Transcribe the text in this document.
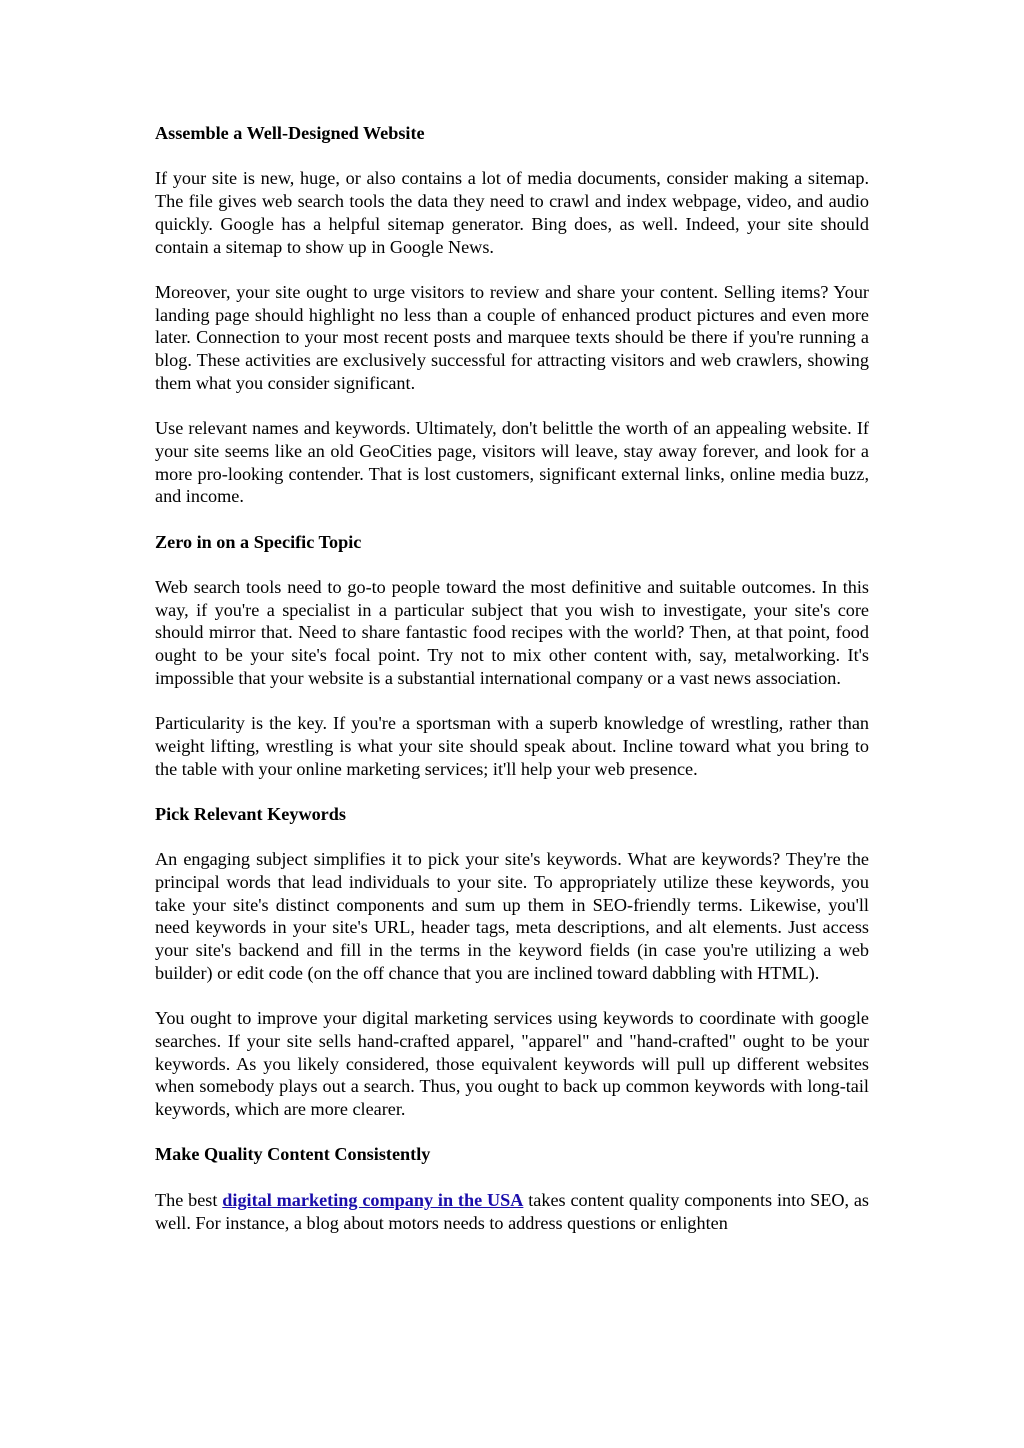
Assemble a Well-Designed Website

If your site is new, huge, or also contains a lot of media documents, consider making a sitemap. The file gives web search tools the data they need to crawl and index webpage, video, and audio quickly. Google has a helpful sitemap generator. Bing does, as well. Indeed, your site should contain a sitemap to show up in Google News.

Moreover, your site ought to urge visitors to review and share your content. Selling items? Your landing page should highlight no less than a couple of enhanced product pictures and even more later. Connection to your most recent posts and marquee texts should be there if you're running a blog. These activities are exclusively successful for attracting visitors and web crawlers, showing them what you consider significant.

Use relevant names and keywords. Ultimately, don't belittle the worth of an appealing website. If your site seems like an old GeoCities page, visitors will leave, stay away forever, and look for a more pro-looking contender. That is lost customers, significant external links, online media buzz, and income.

Zero in on a Specific Topic

Web search tools need to go-to people toward the most definitive and suitable outcomes. In this way, if you're a specialist in a particular subject that you wish to investigate, your site's core should mirror that. Need to share fantastic food recipes with the world? Then, at that point, food ought to be your site's focal point. Try not to mix other content with, say, metalworking. It's impossible that your website is a substantial international company or a vast news association.

Particularity is the key. If you're a sportsman with a superb knowledge of wrestling, rather than weight lifting, wrestling is what your site should speak about. Incline toward what you bring to the table with your online marketing services; it'll help your web presence.

Pick Relevant Keywords

An engaging subject simplifies it to pick your site's keywords. What are keywords? They're the principal words that lead individuals to your site. To appropriately utilize these keywords, you take your site's distinct components and sum up them in SEO-friendly terms. Likewise, you'll need keywords in your site's URL, header tags, meta descriptions, and alt elements. Just access your site's backend and fill in the terms in the keyword fields (in case you're utilizing a web builder) or edit code (on the off chance that you are inclined toward dabbling with HTML).

You ought to improve your digital marketing services using keywords to coordinate with google searches. If your site sells hand-crafted apparel, "apparel" and "hand-crafted" ought to be your keywords. As you likely considered, those equivalent keywords will pull up different websites when somebody plays out a search. Thus, you ought to back up common keywords with long-tail keywords, which are more clearer.

Make Quality Content Consistently

The best digital marketing company in the USA takes content quality components into SEO, as well. For instance, a blog about motors needs to address questions or enlighten
